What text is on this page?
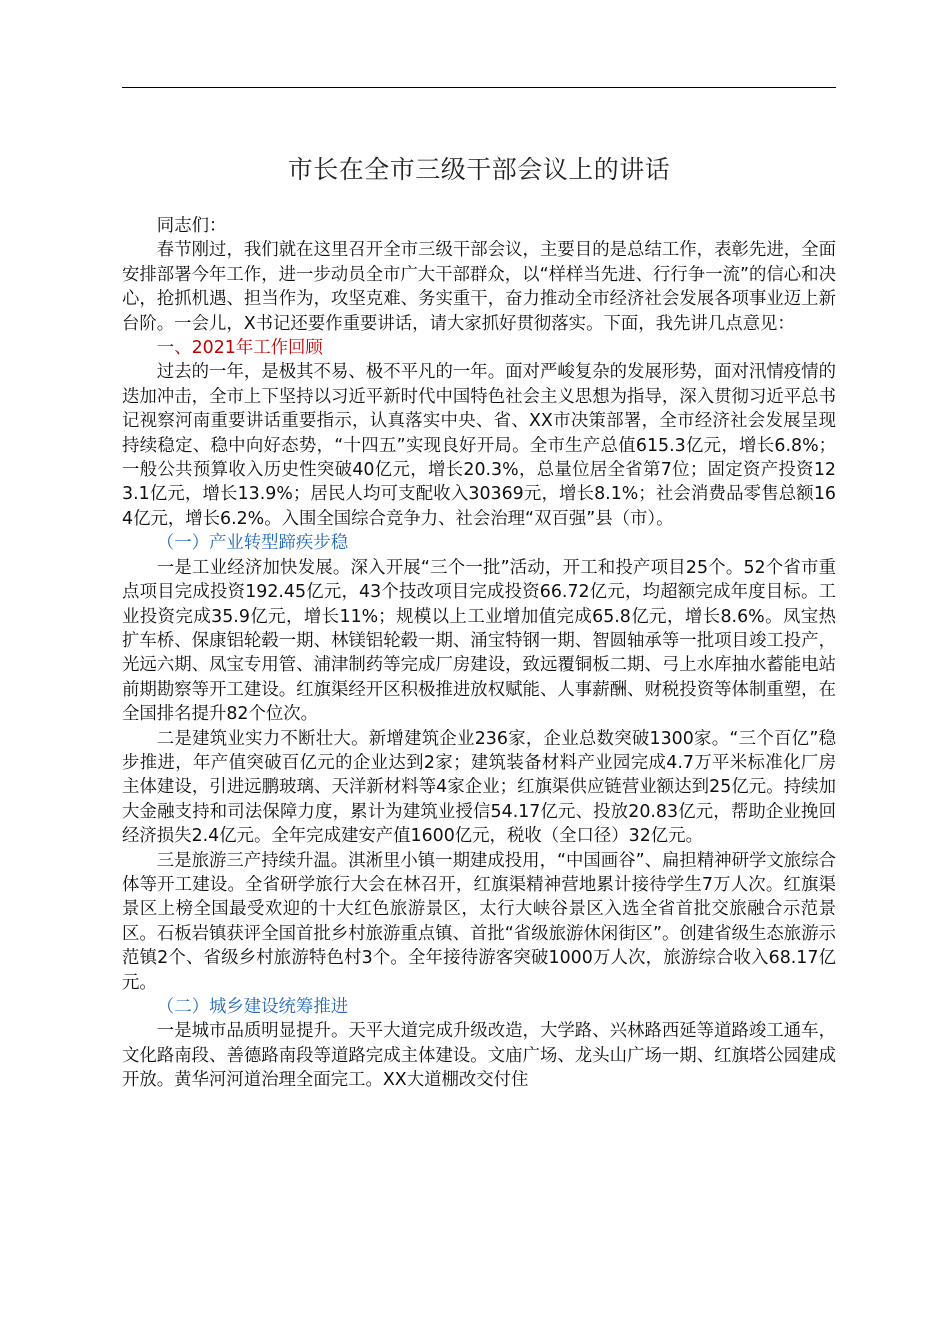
市长在全市三级干部会议上的讲话

同志们：

春节刚过，我们就在这里召开全市三级干部会议，主要目的是总结工作，表彰先进，全面安排部署今年工作，进一步动员全市广大干部群众，以“样样当先进、行行争一流”的信心和决心，抢抓机遇、担当作为，攻坚克难、务实重干，奋力推动全市经济社会发展各项事业迈上新台阶。一会儿，X书记还要作重要讲话，请大家抓好贯彻落实。下面，我先讲几点意见：

一、2021年工作回顾

过去的一年，是极其不易、极不平凡的一年。面对严峻复杂的发展形势，面对汛情疫情的迭加冲击，全市上下坚持以习近平新时代中国特色社会主义思想为指导，深入贯彻习近平总书记视察河南重要讲话重要指示，认真落实中央、省、XX市决策部署，全市经济社会发展呈现持续稳定、稳中向好态势，“十四五”实现良好开局。全市生产总值615.3亿元，增长6.8%；一般公共预算收入历史性突破40亿元，增长20.3%，总量位居全省第7位；固定资产投资123.1亿元，增长13.9%；居民人均可支配收入30369元，增长8.1%；社会消费品零售总额164亿元，增长6.2%。入围全国综合竞争力、社会治理“双百强”县（市）。

（一）产业转型蹄疾步稳

一是工业经济加快发展。深入开展“三个一批”活动，开工和投产项目25个。52个省市重点项目完成投资192.45亿元，43个技改项目完成投资66.72亿元，均超额完成年度目标。工业投资完成35.9亿元，增长11%；规模以上工业增加值完成65.8亿元，增长8.6%。凤宝热扩车桥、保康铝轮毂一期、林镁铝轮毂一期、涌宝特钢一期、智圆轴承等一批项目竣工投产，光远六期、凤宝专用管、浦津制药等完成厂房建设，致远覆铜板二期、弓上水库抽水蓄能电站前期勘察等开工建设。红旗渠经开区积极推进放权赋能、人事薪酬、财税投资等体制重塑，在全国排名提升82个位次。

二是建筑业实力不断壮大。新增建筑企业236家，企业总数突破1300家。“三个百亿”稳步推进，年产值突破百亿元的企业达到2家；建筑装备材料产业园完成4.7万平米标准化厂房主体建设，引进远鹏玻璃、天洋新材料等4家企业；红旗渠供应链营业额达到25亿元。持续加大金融支持和司法保障力度，累计为建筑业授信54.17亿元、投放20.83亿元，帮助企业挽回经济损失2.4亿元。全年完成建安产值1600亿元，税收（全口径）32亿元。

三是旅游三产持续升温。淇淅里小镇一期建成投用，“中国画谷”、扁担精神研学文旅综合体等开工建设。全省研学旅行大会在林召开，红旗渠精神营地累计接待学生7万人次。红旗渠景区上榜全国最受欢迎的十大红色旅游景区，太行大峡谷景区入选全省首批交旅融合示范景区。石板岩镇获评全国首批乡村旅游重点镇、首批“省级旅游休闲街区”。创建省级生态旅游示范镇2个、省级乡村旅游特色村3个。全年接待游客突破1000万人次，旅游综合收入68.17亿元。

（二）城乡建设统筹推进

一是城市品质明显提升。天平大道完成升级改造，大学路、兴林路西延等道路竣工通车，文化路南段、善德路南段等道路完成主体建设。文庙广场、龙头山广场一期、红旗塔公园建成开放。黄华河河道治理全面完工。XX大道棚改交付住
